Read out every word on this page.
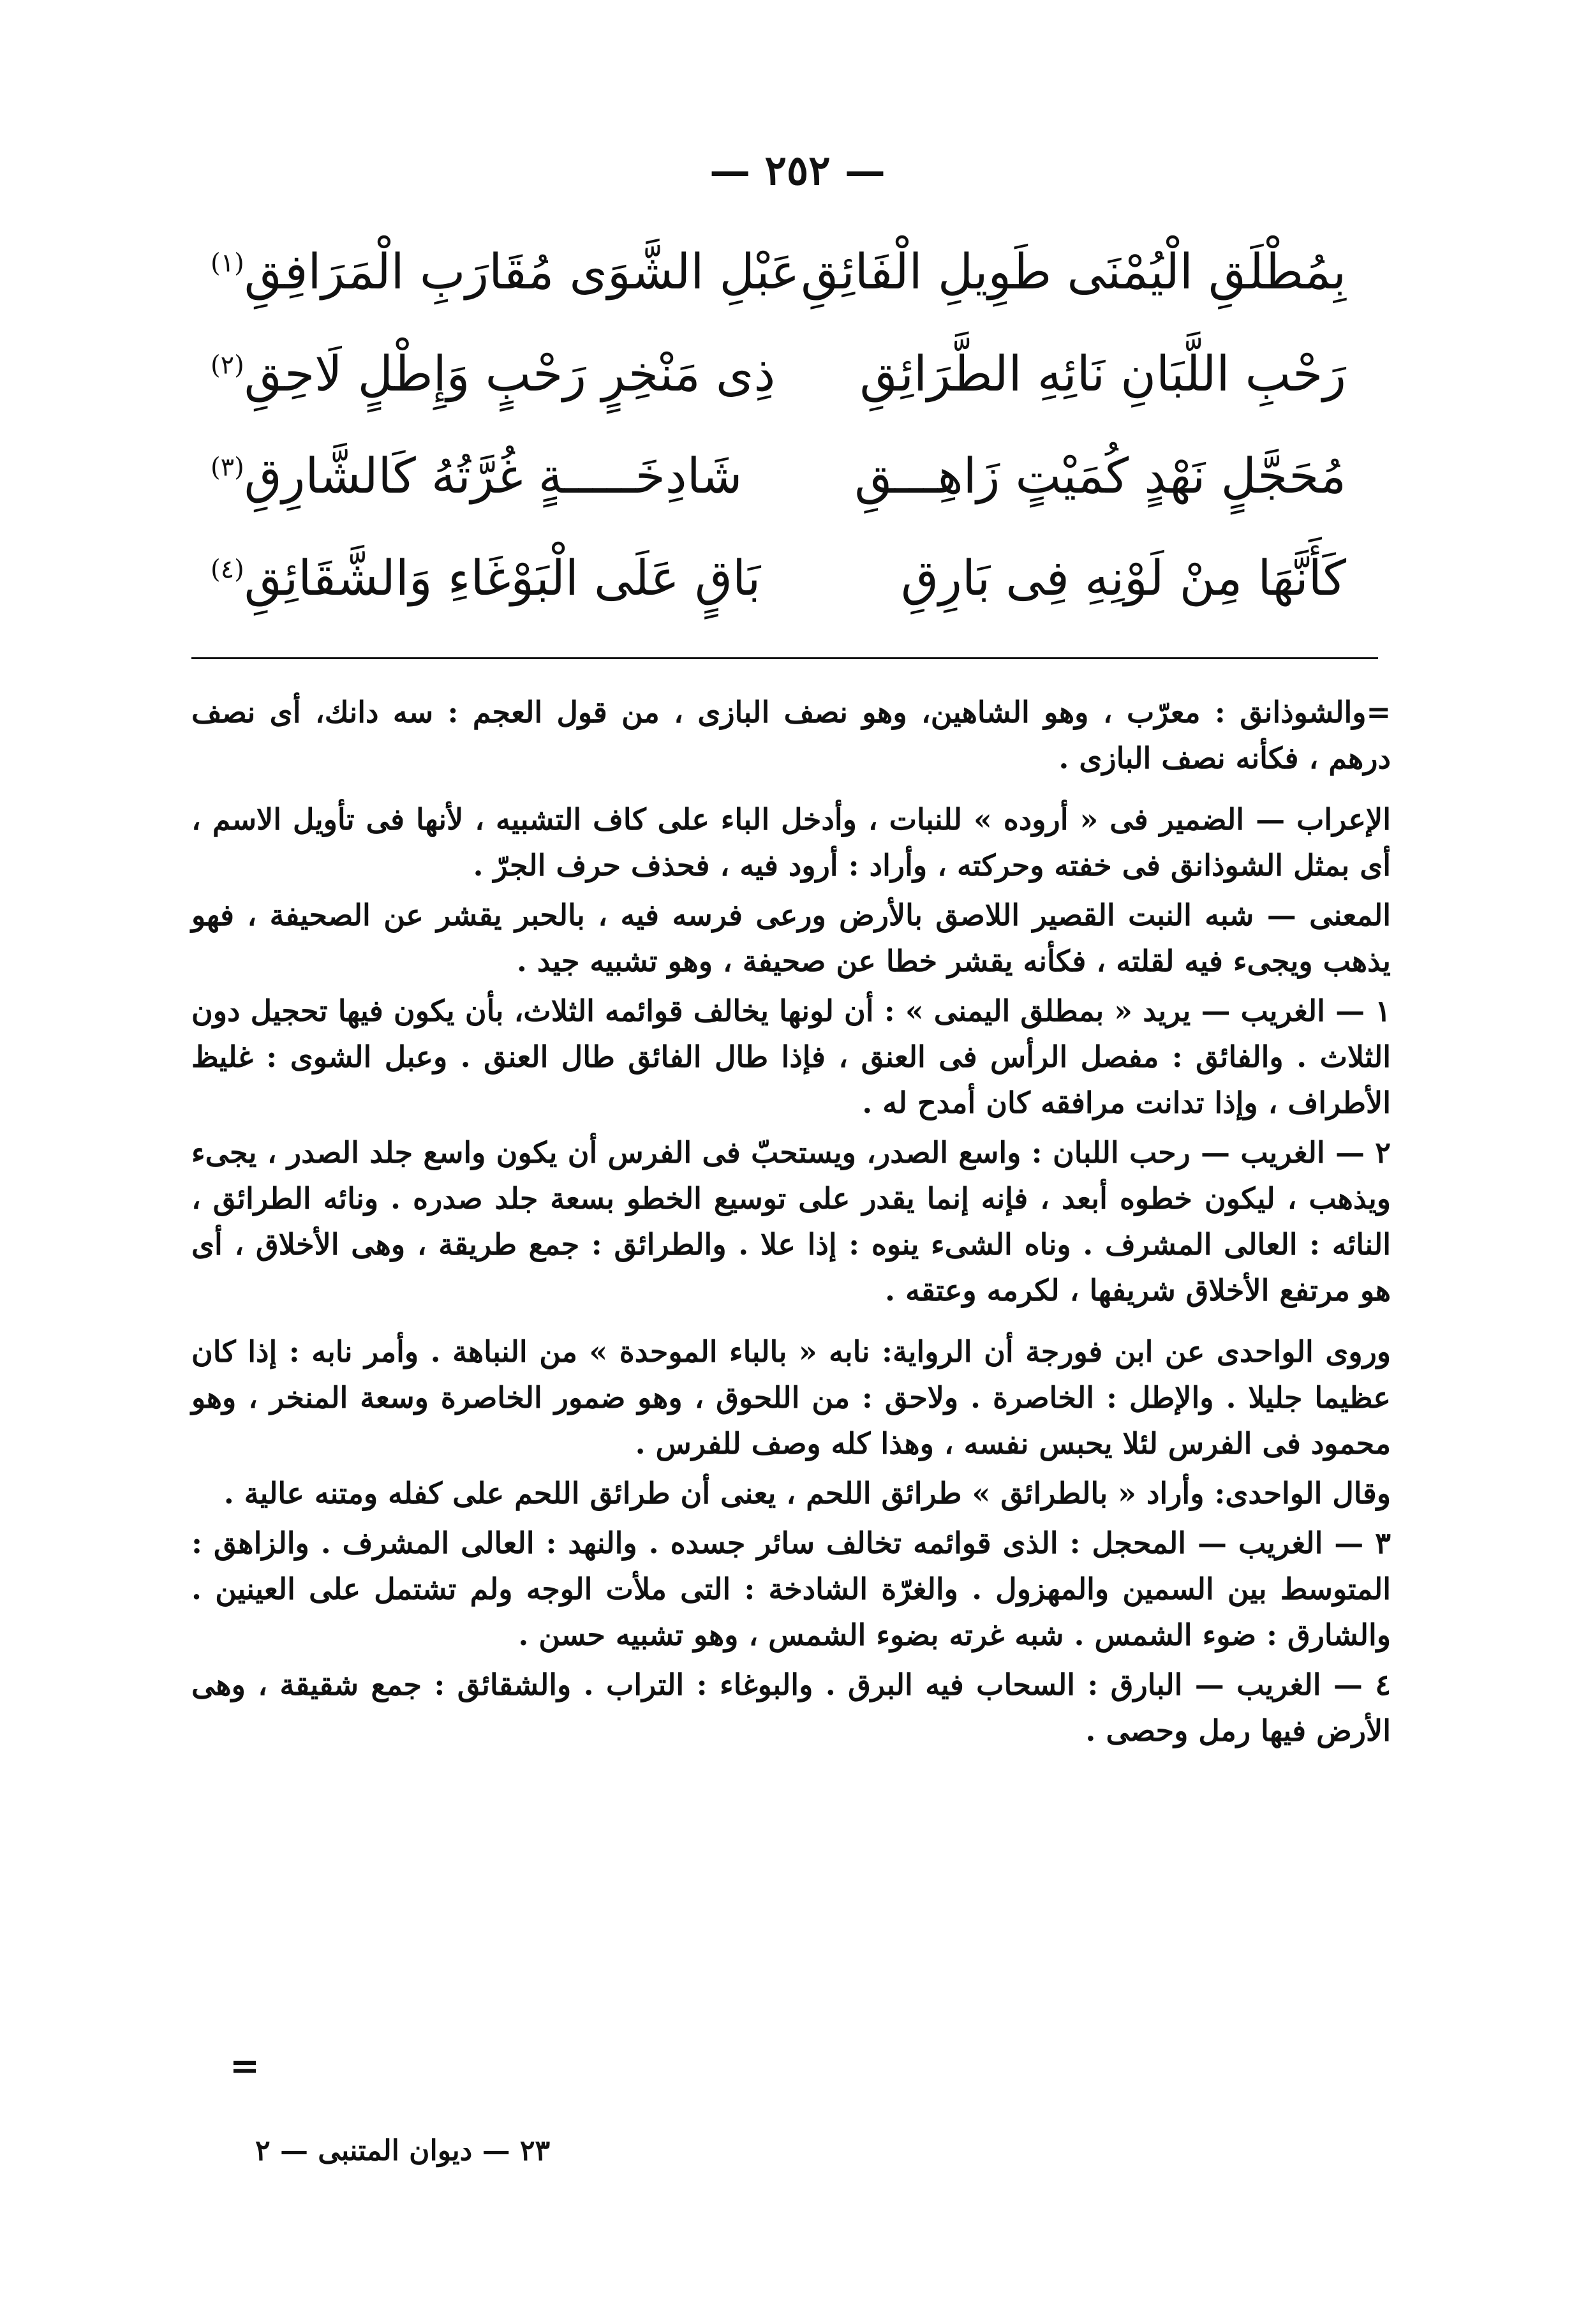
— ٢٥٢ —
بِمُطْلَقِ الْيُمْنَى طَوِيلِ الْفَائِقِ
عَبْلِ الشَّوَى مُقَارَبِ الْمَرَافِقِ$^{(١)}$
رَحْبِ اللَّبَانِ نَائِهِ الطَّرَائِقِ
ذِى مَنْخِرٍ رَحْبٍ وَإِطْلٍ لَاحِقِ$^{(٢)}$
مُحَجَّلٍ نَهْدٍ كُمَيْتٍ زَاهِـــقِ
شَادِخَـــــةٍ غُرَّتُهُ كَالشَّارِقِ$^{(٣)}$
كَأَنَّهَا مِنْ لَوْنِهِ فِى بَارِقِ
بَاقٍ عَلَى الْبَوْغَاءِ وَالشَّقَائِقِ$^{(٤)}$

=والشوذانق : معرّب ، وهو الشاهين، وهو نصف البازى ، من قول العجم : سه دانك، أى نصف درهم ، فكأنه نصف البازى .

الإعراب — الضمير فى « أروده » للنبات ، وأدخل الباء على كاف التشبيه ، لأنها فى تأويل الاسم ، أى بمثل الشوذانق فى خفته وحركته ، وأراد : أرود فيه ، فحذف حرف الجرّ .

المعنى — شبه النبت القصير اللاصق بالأرض ورعى فرسه فيه ، بالحبر يقشر عن الصحيفة ، فهو يذهب ويجىء فيه لقلته ، فكأنه يقشر خطا عن صحيفة ، وهو تشبيه جيد .

١ — الغريب — يريد « بمطلق اليمنى » : أن لونها يخالف قوائمه الثلاث، بأن يكون فيها تحجيل دون الثلاث . والفائق : مفصل الرأس فى العنق ، فإذا طال الفائق طال العنق . وعبل الشوى : غليظ الأطراف ، وإذا تدانت مرافقه كان أمدح له .

٢ — الغريب — رحب اللبان : واسع الصدر، ويستحبّ فى الفرس أن يكون واسع جلد الصدر ، يجىء ويذهب ، ليكون خطوه أبعد ، فإنه إنما يقدر على توسيع الخطو بسعة جلد صدره . ونائه الطرائق ، النائه : العالى المشرف . وناه الشىء ينوه : إذا علا . والطرائق : جمع طريقة ، وهى الأخلاق ، أى هو مرتفع الأخلاق شريفها ، لكرمه وعتقه .

وروى الواحدى عن ابن فورجة أن الرواية: نابه « بالباء الموحدة » من النباهة . وأمر نابه : إذا كان عظيما جليلا . والإطل : الخاصرة . ولاحق : من اللحوق ، وهو ضمور الخاصرة وسعة المنخر ، وهو محمود فى الفرس لئلا يحبس نفسه ، وهذا كله وصف للفرس .

وقال الواحدى: وأراد « بالطرائق » طرائق اللحم ، يعنى أن طرائق اللحم على كفله ومتنه عالية .

٣ — الغريب — المحجل : الذى قوائمه تخالف سائر جسده . والنهد : العالى المشرف . والزاهق : المتوسط بين السمين والمهزول . والغرّة الشادخة : التى ملأت الوجه ولم تشتمل على العينين . والشارق : ضوء الشمس . شبه غرته بضوء الشمس ، وهو تشبيه حسن .

٤ — الغريب — البارق : السحاب فيه البرق . والبوغاء : التراب . والشقائق : جمع شقيقة ، وهى الأرض فيها رمل وحصى .

=
٢٣ — ديوان المتنبى — ٢
